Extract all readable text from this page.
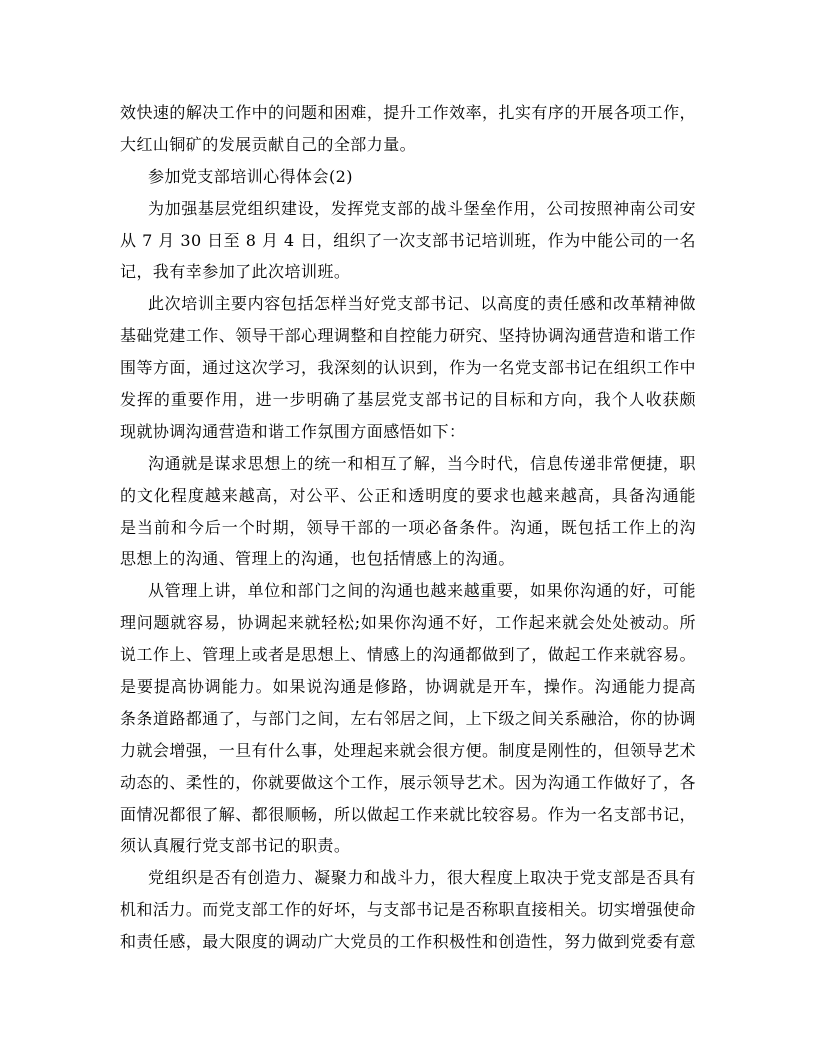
效快速的解决工作中的问题和困难，提升工作效率，扎实有序的开展各项工作，
大红山铜矿的发展贡献自己的全部力量。
参加党支部培训心得体会(2)
为加强基层党组织建设，发挥党支部的战斗堡垒作用，公司按照神南公司安
从 7 月 30 日至 8 月 4 日，组织了一次支部书记培训班，作为中能公司的一名
记，我有幸参加了此次培训班。
此次培训主要内容包括怎样当好党支部书记、以高度的责任感和改革精神做
基础党建工作、领导干部心理调整和自控能力研究、坚持协调沟通营造和谐工作
围等方面，通过这次学习，我深刻的认识到，作为一名党支部书记在组织工作中
发挥的重要作用，进一步明确了基层党支部书记的目标和方向，我个人收获颇
现就协调沟通营造和谐工作氛围方面感悟如下：
沟通就是谋求思想上的统一和相互了解，当今时代，信息传递非常便捷，职
的文化程度越来越高，对公平、公正和透明度的要求也越来越高，具备沟通能
是当前和今后一个时期，领导干部的一项必备条件。沟通，既包括工作上的沟
思想上的沟通、管理上的沟通，也包括情感上的沟通。
从管理上讲，单位和部门之间的沟通也越来越重要，如果你沟通的好，可能
理问题就容易，协调起来就轻松;如果你沟通不好，工作起来就会处处被动。所
说工作上、管理上或者是思想上、情感上的沟通都做到了，做起工作来就容易。
是要提高协调能力。如果说沟通是修路，协调就是开车，操作。沟通能力提高
条条道路都通了，与部门之间，左右邻居之间，上下级之间关系融洽，你的协调
力就会增强，一旦有什么事，处理起来就会很方便。制度是刚性的，但领导艺术
动态的、柔性的，你就要做这个工作，展示领导艺术。因为沟通工作做好了，各
面情况都很了解、都很顺畅，所以做起工作来就比较容易。作为一名支部书记，
须认真履行党支部书记的职责。
党组织是否有创造力、凝聚力和战斗力，很大程度上取决于党支部是否具有
机和活力。而党支部工作的好坏，与支部书记是否称职直接相关。切实增强使命
和责任感，最大限度的调动广大党员的工作积极性和创造性，努力做到党委有意
